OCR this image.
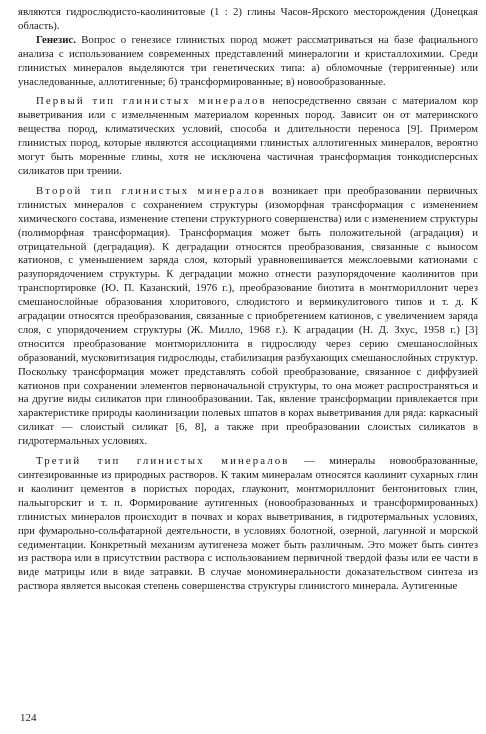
являются гидрослюдисто-каолинитовые (1 : 2) глины Часов-Ярского месторождения (Донецкая область).

Генезис. Вопрос о генезисе глинистых пород может рассматриваться на базе фациального анализа с использованием современных представлений минералогии и кристаллохимии. Среди глинистых минералов выделяются три генетических типа: а) обломочные (терригенные) или унаследованные, аллотигенные; б) трансформированные; в) новообразованные.

Первый тип глинистых минералов непосредственно связан с материалом кор выветривания или с измельченным материалом коренных пород. Зависит он от материнского вещества пород, климатических условий, способа и длительности переноса [9]. Примером глинистых пород, которые являются ассоциациями глинистых аллотигенных минералов, вероятно могут быть моренные глины, хотя не исключена частичная трансформация тонкодисперсных силикатов при трении.

Второй тип глинистых минералов возникает при преобразовании первичных глинистых минералов с сохранением структуры (изоморфная трансформация с изменением химического состава, изменение степени структурного совершенства) или с изменением структуры (полиморфная трансформация). Трансформация может быть положительной (аградация) и отрицательной (деградация). К деградации относятся преобразования, связанные с выносом катионов, с уменьшением заряда слоя, который уравновешивается межслоевыми катионами с разупорядочением структуры. К деградации можно отнести разупорядочение каолинитов при транспортировке (Ю. П. Казанский, 1976 г.), преобразование биотита в монтмориллонит через смешанослойные образования хлоритового, слюдистого и вермикулитового типов и т. д. К аградации относятся преобразования, связанные с приобретением катионов, с увеличением заряда слоя, с упорядочением структуры (Ж. Милло, 1968 г.). К аградации (Н. Д. Зхус, 1958 г.) [3] относится преобразование монтмориллонита в гидрослюду через серию смешанослойных образований, мусковитизация гидрослюды, стабилизация разбухающих смешанослойных структур. Поскольку трансформация может представлять собой преобразование, связанное с диффузией катионов при сохранении элементов первоначальной структуры, то она может распространяться и на другие виды силикатов при глинообразовании. Так, явление трансформации привлекается при характеристике природы каолинизации полевых шпатов в корах выветривания для ряда: каркасный силикат — слоистый силикат [6, 8], а также при преобразовании слоистых силикатов в гидротермальных условиях.

Третий тип глинистых минералов — минералы новообразованные, синтезированные из природных растворов. К таким минералам относятся каолинит сухарных глин и каолинит цементов в пористых породах, глауконит, монтмориллонит бентонитовых глин, пальыгорскит и т. п. Формирование аутигенных (новообразованных и трансформированных) глинистых минералов происходит в почвах и корах выветривания, в гидротермальных условиях, при фумарольно-сольфатарной деятельности, в условиях болотной, озерной, лагунной и морской седиментации. Конкретный механизм аутигенеза может быть различным. Это может быть синтез из раствора или в присутствии раствора с использованием первичной твердой фазы или ее части в виде матрицы или в виде затравки. В случае мономинеральности доказательством синтеза из раствора является высокая степень совершенства структуры глинистого минерала. Аутигенные

124
